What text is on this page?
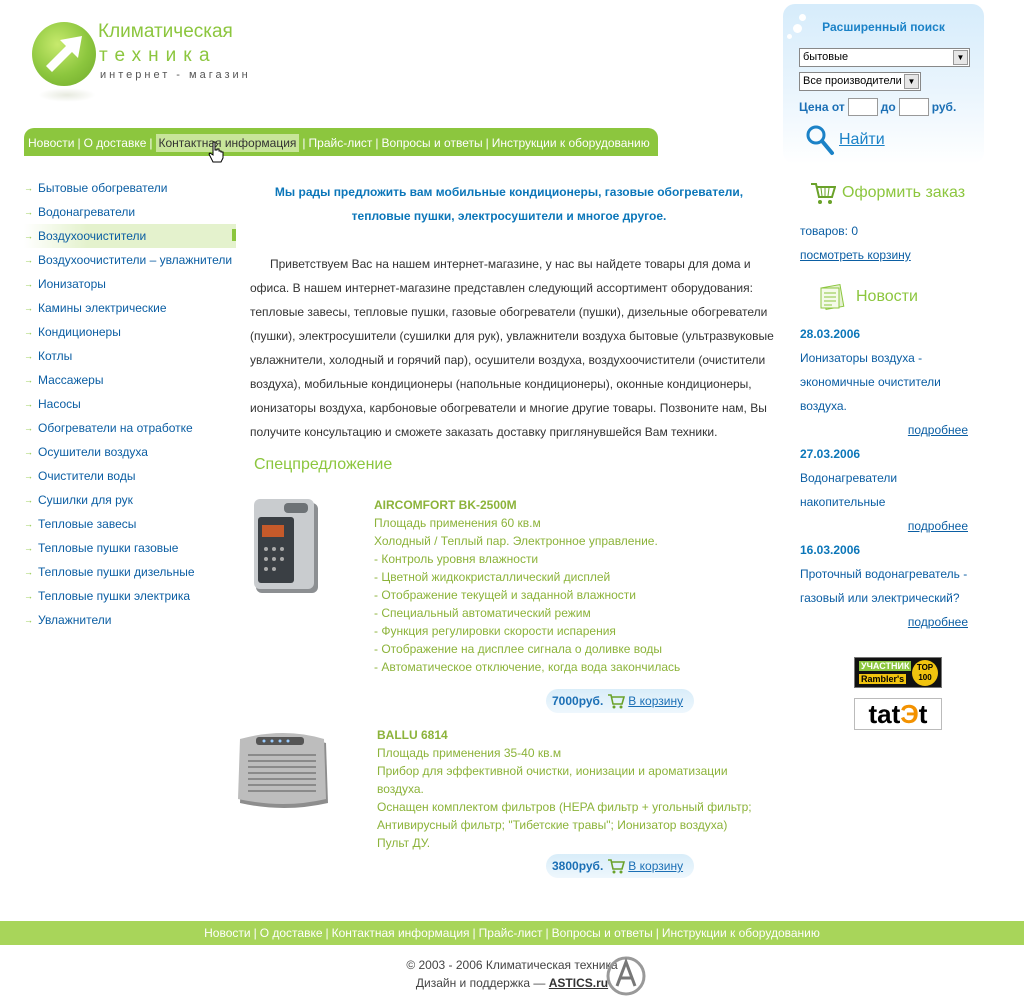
Климатическая
техника
интернет - магазин
Новости | О доставке | Контактная информация | Прайс-лист | Вопросы и ответы | Инструкции к оборудованию
Расширенный поиск
бытовые	▼
Все производители ▼
Цена от	до	руб.
Найти
→ Бытовые обогреватели
→ Водонагреватели
→ Воздухоочистители
→ Воздухоочистители – увлажнители
→ Ионизаторы
→ Камины электрические
→ Кондиционеры
→ Котлы
→ Массажеры
→ Насосы
→ Обогреватели на отработке
→ Осушители воздуха
→ Очистители воды
→ Сушилки для рук
→ Тепловые завесы
→ Тепловые пушки газовые
→ Тепловые пушки дизельные
→ Тепловые пушки электрика
→ Увлажнители
Мы рады предложить вам мобильные кондиционеры, газовые обогреватели, тепловые пушки, электросушители и многое другое.

Приветствуем Вас на нашем интернет-магазине, у нас вы найдете товары для дома и офиса. В нашем интернет-магазине представлен следующий ассортимент оборудования: тепловые завесы, тепловые пушки, газовые обогреватели (пушки), дизельные обогреватели (пушки), электросушители (сушилки для рук), увлажнители воздуха бытовые (ультразвуковые увлажнители, холодный и горячий пар), осушители воздуха, воздухоочистители (очистители воздуха), мобильные кондиционеры (напольные кондиционеры), оконные кондиционеры, ионизаторы воздуха, карбоновые обогреватели и многие другие товары. Позвоните нам, Вы получите консультацию и сможете заказать доставку приглянувшейся Вам техники.

Спецпредложение
AIRCOMFORT BK-2500M
Площадь применения 60 кв.м
Холодный / Теплый пар. Электронное управление.
- Контроль уровня влажности
- Цветной жидкокристаллический дисплей
- Отображение текущей и заданной влажности
- Специальный автоматический режим
- Функция регулировки скорости испарения
- Отображение на дисплее сигнала о доливке воды
- Автоматическое отключение, когда вода закончилась
7000руб. В корзину
BALLU 6814
Площадь применения 35-40 кв.м
Прибор для эффективной очистки, ионизации и ароматизации воздуха.
Оснащен комплектом фильтров (HEPA фильтр + угольный фильтр; Антивирусный фильтр; "Тибетские травы"; Ионизатор воздуха)
Пульт ДУ.
3800руб. В корзину
Оформить заказ
товаров: 0
посмотреть корзину
Новости
28.03.2006
Ионизаторы воздуха - экономичные очистители воздуха.
подробнее
27.03.2006
Водонагреватели накопительные
подробнее
16.03.2006
Проточный водонагреватель - газовый или электрический?
подробнее
УЧАСТНИК
Rambler's
TOP 100
tatЭt
Новости | О доставке | Контактная информация | Прайс-лист | Вопросы и ответы | Инструкции к оборудованию
© 2003 - 2006 Климатическая техника
Дизайн и поддержка — ASTICS.ru
